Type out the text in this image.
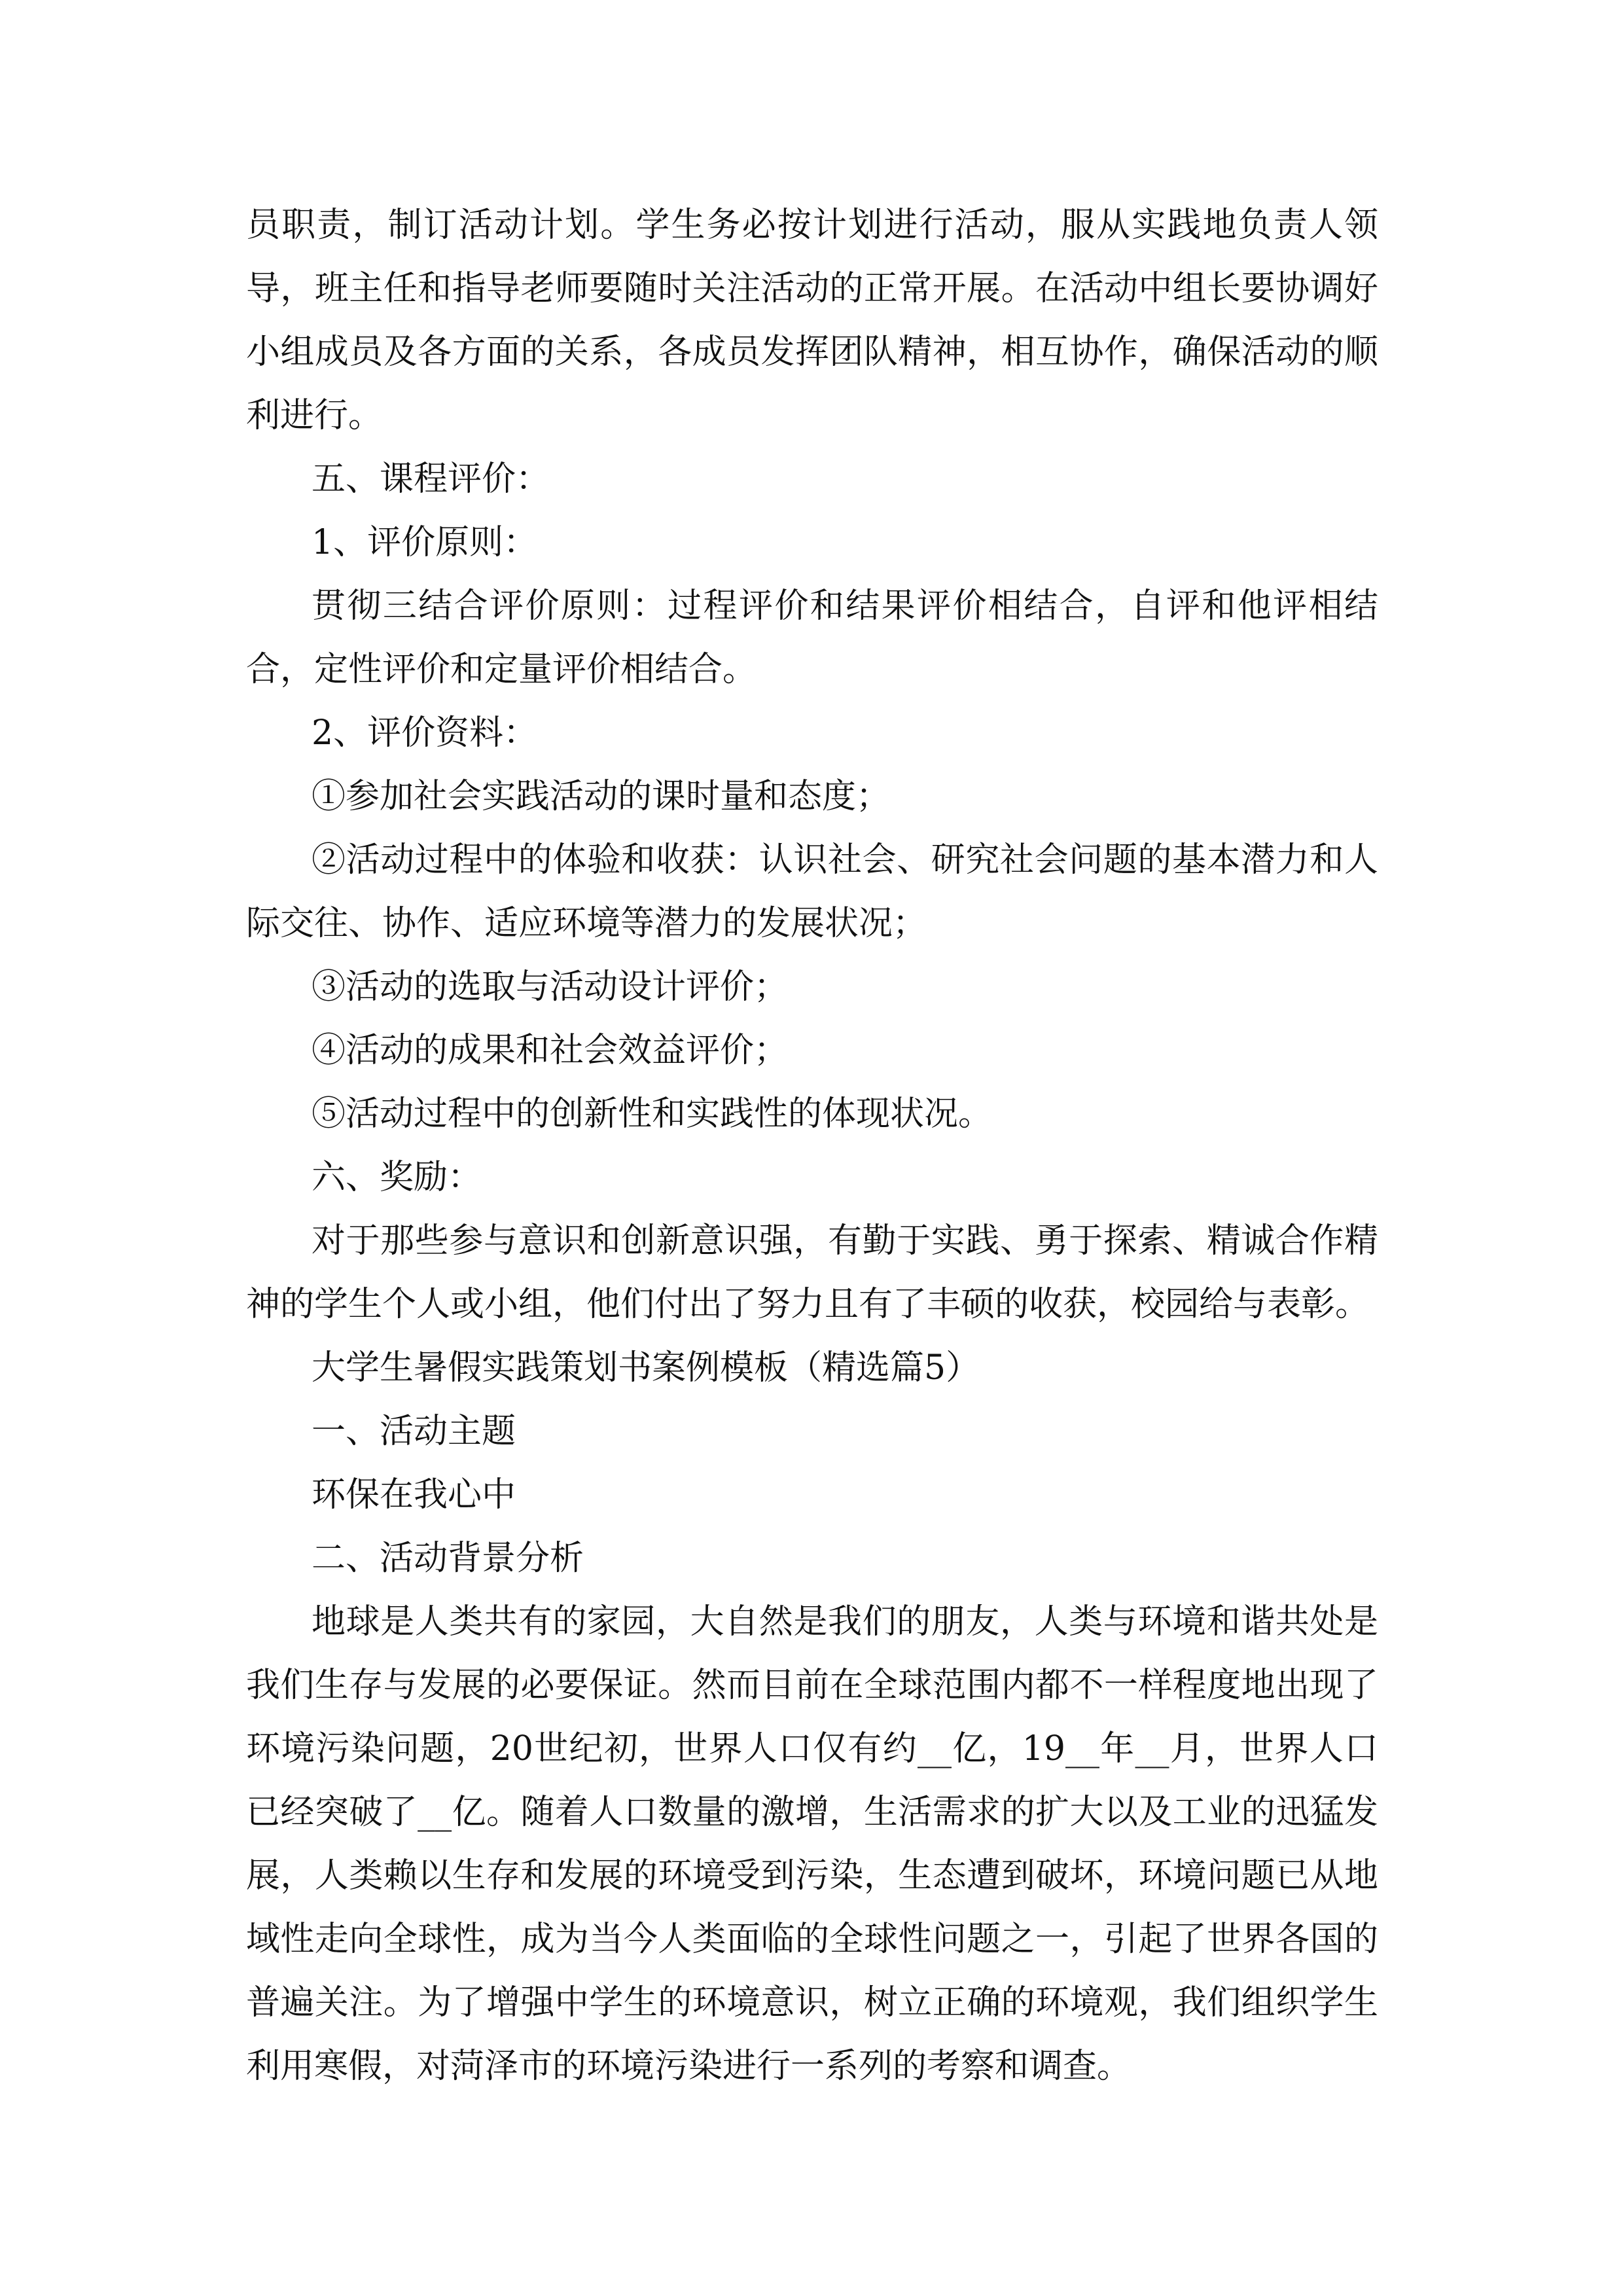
员职责，制订活动计划。学生务必按计划进行活动，服从实践地负责人领导，班主任和指导老师要随时关注活动的正常开展。在活动中组长要协调好小组成员及各方面的关系，各成员发挥团队精神，相互协作，确保活动的顺利进行。

五、课程评价：

1、评价原则：

贯彻三结合评价原则：过程评价和结果评价相结合，自评和他评相结合，定性评价和定量评价相结合。

2、评价资料：

①参加社会实践活动的课时量和态度；

②活动过程中的体验和收获：认识社会、研究社会问题的基本潜力和人际交往、协作、适应环境等潜力的发展状况；

③活动的选取与活动设计评价；

④活动的成果和社会效益评价；

⑤活动过程中的创新性和实践性的体现状况。

六、奖励：

对于那些参与意识和创新意识强，有勤于实践、勇于探索、精诚合作精神的学生个人或小组，他们付出了努力且有了丰硕的收获，校园给与表彰。

大学生暑假实践策划书案例模板（精选篇5）

一、活动主题

环保在我心中

二、活动背景分析

地球是人类共有的家园，大自然是我们的朋友，人类与环境和谐共处是我们生存与发展的必要保证。然而目前在全球范围内都不一样程度地出现了环境污染问题，20世纪初，世界人口仅有约__亿，19__年__月，世界人口已经突破了__亿。随着人口数量的激增，生活需求的扩大以及工业的迅猛发展，人类赖以生存和发展的环境受到污染，生态遭到破坏，环境问题已从地域性走向全球性，成为当今人类面临的全球性问题之一，引起了世界各国的普遍关注。为了增强中学生的环境意识，树立正确的环境观，我们组织学生利用寒假，对菏泽市的环境污染进行一系列的考察和调查。
